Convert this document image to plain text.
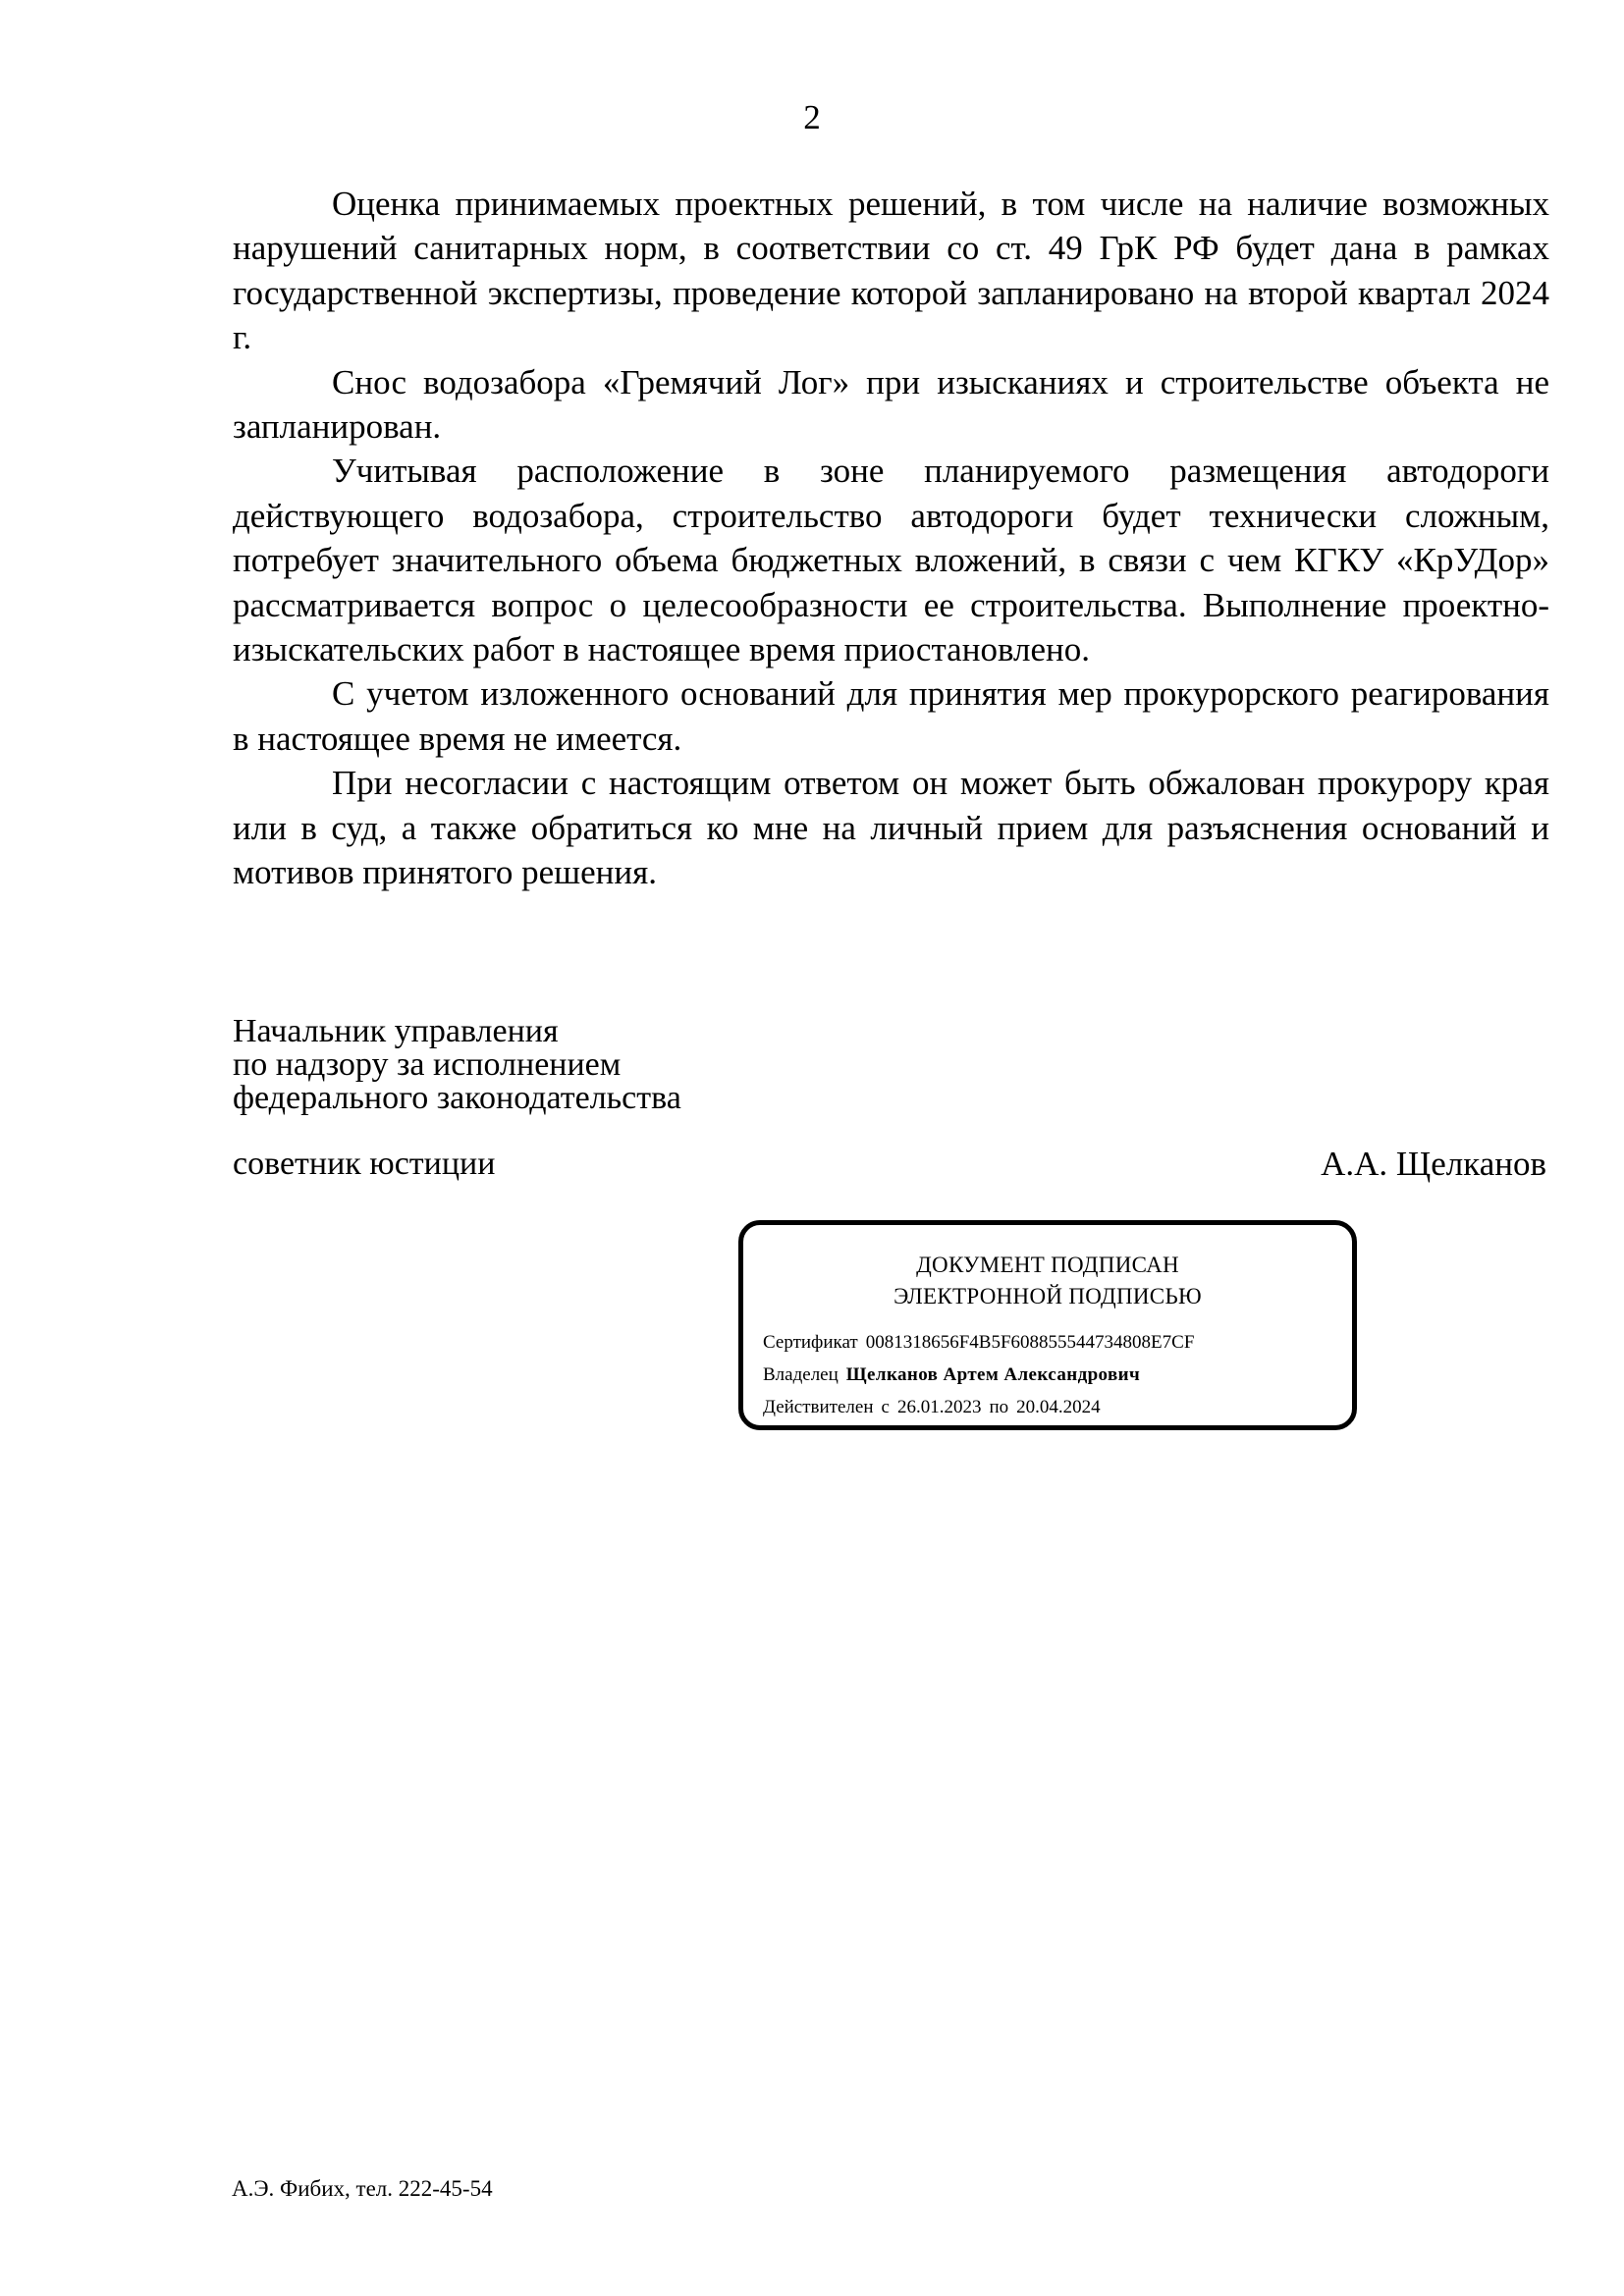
2

Оценка принимаемых проектных решений, в том числе на наличие возможных нарушений санитарных норм, в соответствии со ст. 49 ГрК РФ будет дана в рамках государственной экспертизы, проведение которой запланировано на второй квартал 2024 г.

Снос водозабора «Гремячий Лог» при изысканиях и строительстве объекта не запланирован.

Учитывая расположение в зоне планируемого размещения автодороги действующего водозабора, строительство автодороги будет технически сложным, потребует значительного объема бюджетных вложений, в связи с чем КГКУ «КрУДор» рассматривается вопрос о целесообразности ее строительства. Выполнение проектно-изыскательских работ в настоящее время приостановлено.

С учетом изложенного оснований для принятия мер прокурорского реагирования в настоящее время не имеется.

При несогласии с настоящим ответом он может быть обжалован прокурору края или в суд, а также обратиться ко мне на личный прием для разъяснения оснований и мотивов принятого решения.

Начальник управления
по надзору за исполнением
федерального законодательства
советник юстиции	А.А. Щелканов
ДОКУМЕНТ ПОДПИСАН
ЭЛЕКТРОННОЙ ПОДПИСЬЮ
Сертификат 0081318656F4B5F608855544734808E7CF
Владелец Щелканов Артем Александрович
Действителен с 26.01.2023 по 20.04.2024
А.Э. Фибих, тел. 222-45-54
